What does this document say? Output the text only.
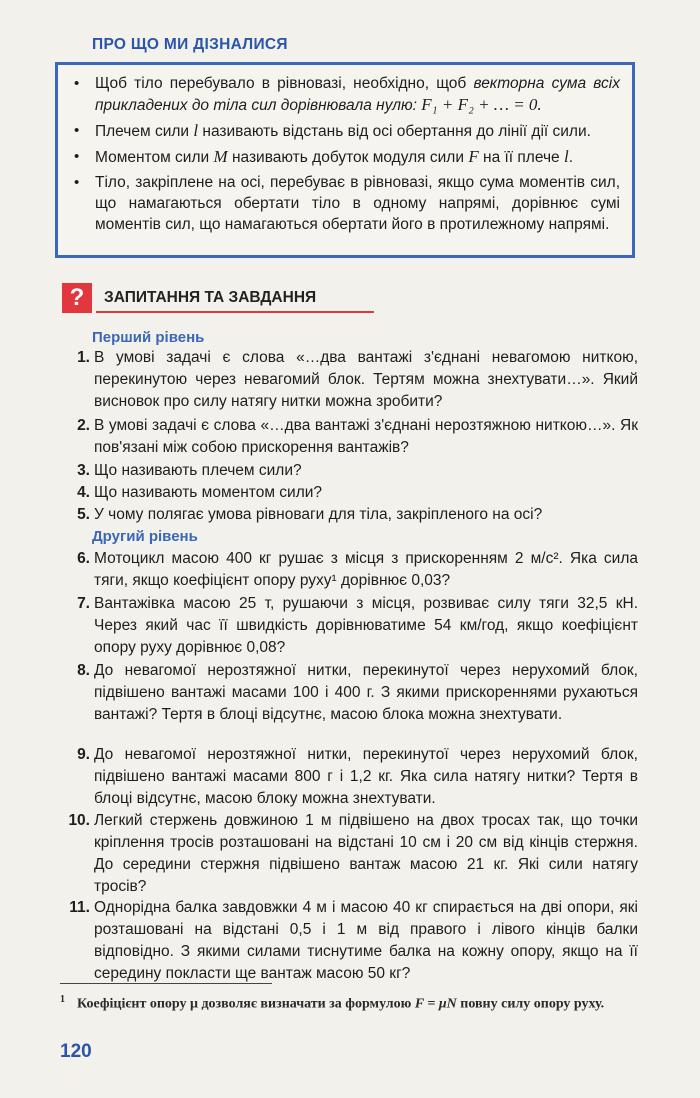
ПРО ЩО МИ ДІЗНАЛИСЯ
• Щоб тіло перебувало в рівновазі, необхідно, щоб векторна сума всіх прикладених до тіла сил дорівнювала нулю: F₁ + F₂ + … = 0.
• Плечем сили l називають відстань від осі обертання до лінії дії сили.
• Моментом сили M називають добуток модуля сили F на її плече l.
• Тіло, закріплене на осі, перебуває в рівновазі, якщо сума моментів сил, що намагаються обертати тіло в одному напрямі, дорівнює сумі моментів сил, що намагаються обертати його в протилежному напрямі.
?	ЗАПИТАННЯ ТА ЗАВДАННЯ
Перший рівень
1. В умові задачі є слова «…два вантажі з'єднані невагомою ниткою, перекинутою через невагомий блок. Тертям можна знехтувати…». Який висновок про силу натягу нитки можна зробити?
2. В умові задачі є слова «…два вантажі з'єднані нерозтяжною ниткою…». Як пов'язані між собою прискорення вантажів?
3. Що називають плечем сили?
4. Що називають моментом сили?
5. У чому полягає умова рівноваги для тіла, закріпленого на осі?
Другий рівень
6. Мотоцикл масою 400 кг рушає з місця з прискоренням 2 м/с². Яка сила тяги, якщо коефіцієнт опору руху¹ дорівнює 0,03?
7. Вантажівка масою 25 т, рушаючи з місця, розвиває силу тяги 32,5 кН. Через який час її швидкість дорівнюватиме 54 км/год, якщо коефіцієнт опору руху дорівнює 0,08?
8. До невагомої нерозтяжної нитки, перекинутої через нерухомий блок, підвішено вантажі масами 100 і 400 г. З якими прискореннями рухаються вантажі? Тертя в блоці відсутнє, масою блока можна знехтувати.
9. До невагомої нерозтяжної нитки, перекинутої через нерухомий блок, підвішено вантажі масами 800 г і 1,2 кг. Яка сила натягу нитки? Тертя в блоці відсутнє, масою блоку можна знехтувати.
10. Легкий стержень довжиною 1 м підвішено на двох тросах так, що точки кріплення тросів розташовані на відстані 10 см і 20 см від кінців стержня. До середини стержня підвішено вантаж масою 21 кг. Які сили натягу тросів?
11. Однорідна балка завдовжки 4 м і масою 40 кг спирається на дві опори, які розташовані на відстані 0,5 і 1 м від правого і лівого кінців балки відповідно. З якими силами тиснутиме балка на кожну опору, якщо на її середину покласти ще вантаж масою 50 кг?
$^1$ Коефіцієнт опору μ дозволяє визначати за формулою F = μN повну силу опору руху.
120
